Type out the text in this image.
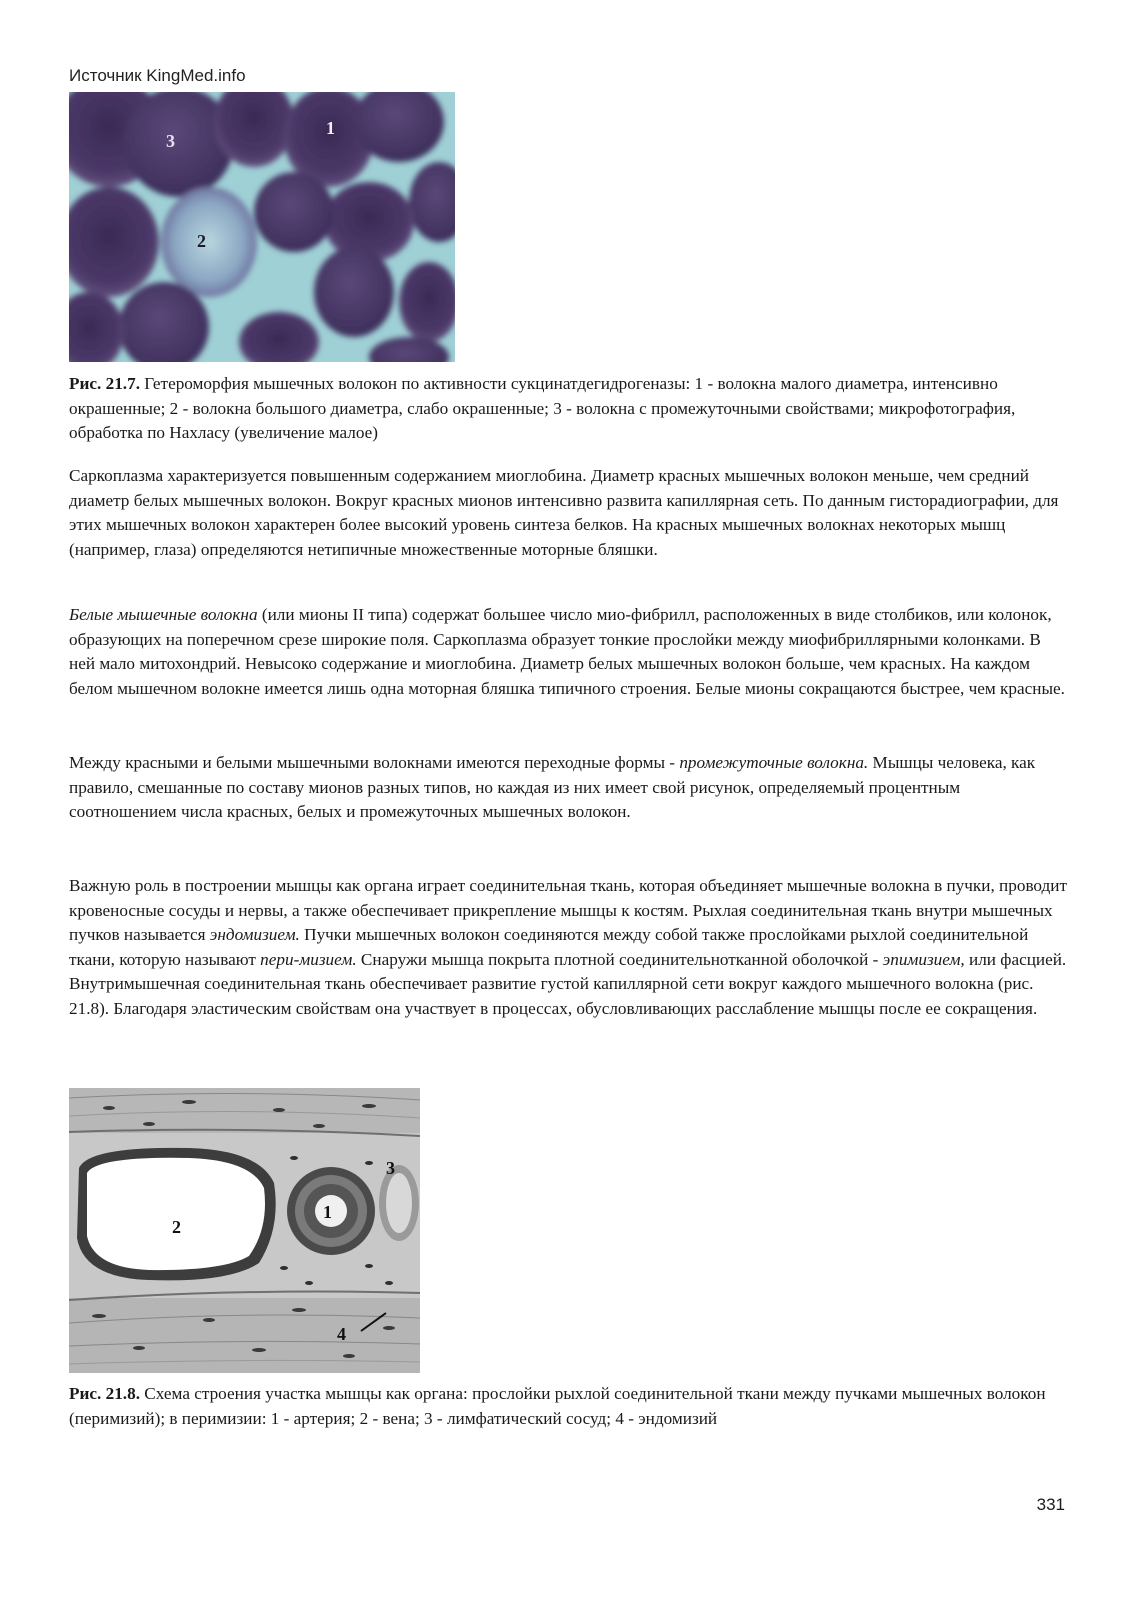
Источник KingMed.info
3
1
2

Рис. 21.7. Гетероморфия мышечных волокон по активности сукцинатдегидрогеназы: 1 - волокна малого диаметра, интенсивно окрашенные; 2 - волокна большого диаметра, слабо окрашенные; 3 - волокна с промежуточными свойствами; микрофотография, обработка по Нахласу (увеличение малое)

Саркоплазма характеризуется повышенным содержанием миоглобина. Диаметр красных мышечных волокон меньше, чем средний диаметр белых мышечных волокон. Вокруг красных мионов интенсивно развита капиллярная сеть. По данным гисторадиографии, для этих мышечных волокон характерен более высокий уровень синтеза белков. На красных мышечных волокнах некоторых мышц (например, глаза) определяются нетипичные множественные моторные бляшки.

Белые мышечные волокна (или мионы II типа) содержат большее число мио-фибрилл, расположенных в виде столбиков, или колонок, образующих на поперечном срезе широкие поля. Саркоплазма образует тонкие прослойки между миофибриллярными колонками. В ней мало митохондрий. Невысоко содержание и миоглобина. Диаметр белых мышечных волокон больше, чем красных. На каждом белом мышечном волокне имеется лишь одна моторная бляшка типичного строения. Белые мионы сокращаются быстрее, чем красные.

Между красными и белыми мышечными волокнами имеются переходные формы - промежуточные волокна. Мышцы человека, как правило, смешанные по составу мионов разных типов, но каждая из них имеет свой рисунок, определяемый процентным соотношением числа красных, белых и промежуточных мышечных волокон.

Важную роль в построении мышцы как органа играет соединительная ткань, которая объединяет мышечные волокна в пучки, проводит кровеносные сосуды и нервы, а также обеспечивает прикрепление мышцы к костям. Рыхлая соединительная ткань внутри мышечных пучков называется эндомизием. Пучки мышечных волокон соединяются между собой также прослойками рыхлой соединительной ткани, которую называют пери-мизием. Снаружи мышца покрыта плотной соединительнотканной оболочкой - эпимизием, или фасцией. Внутримышечная соединительная ткань обеспечивает развитие густой капиллярной сети вокруг каждого мышечного волокна (рис. 21.8). Благодаря эластическим свойствам она участвует в процессах, обусловливающих расслабление мышцы после ее сокращения.

1
2
3
4

Рис. 21.8. Схема строения участка мышцы как органа: прослойки рыхлой соединительной ткани между пучками мышечных волокон (перимизий); в перимизии: 1 - артерия; 2 - вена; 3 - лимфатический сосуд; 4 - эндомизий

331
